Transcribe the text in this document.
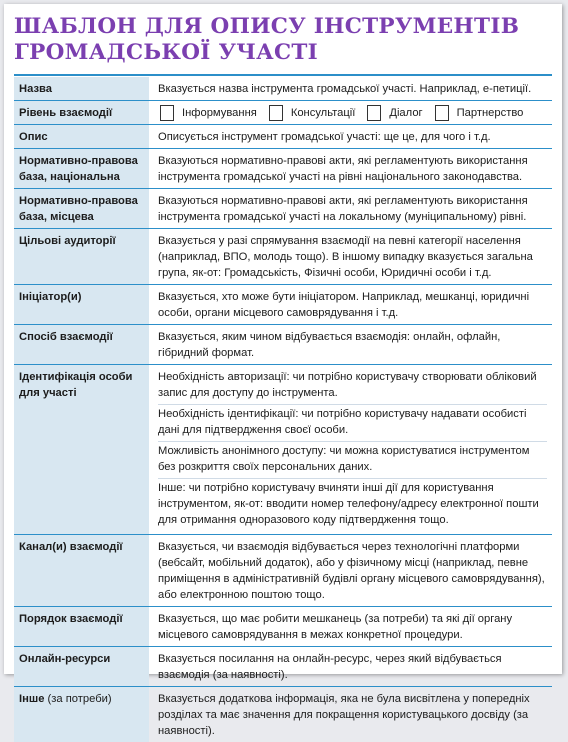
ШАБЛОН ДЛЯ ОПИСУ ІНСТРУМЕНТІВ ГРОМАДСЬКОЇ УЧАСТІ
Назва	Вказується назва інструмента громадської участі. Наприклад, е-петиції.
Рівень взаємодії	Інформування Консультації Діалог Партнерство

Опис	Описується інструмент громадської участі: ще це, для чого і т.д.
Нормативно-правова база, національна	Вказуються нормативно-правові акти, які регламентують використання інструмента громадської участі на рівні національного законодавства.
Нормативно-правова база, місцева	Вказуються нормативно-правові акти, які регламентують використання інструмента громадської участі на локальному (муніципальному) рівні.
Цільові аудиторії	Вказується у разі спрямування взаємодії на певні категорії населення (наприклад, ВПО, молодь тощо). В іншому випадку вказується загальна група, як-от: Громадськість, Фізичні особи, Юридичні особи і т.д.
Ініціатор(и)	Вказується, хто може бути ініціатором. Наприклад, мешканці, юридичні особи, органи місцевого самоврядування і т.д.
Спосіб взаємодії	Вказується, яким чином відбувається взаємодія: онлайн, офлайн, гібридний формат.
Ідентифікація особи для участі	Необхідність авторизації: чи потрібно користувачу створювати обліковий запис для доступу до інструмента.
Необхідність ідентифікації: чи потрібно користувачу надавати особисті дані для підтвердження своєї особи.
Можливість анонімного доступу: чи можна користуватися інструментом без розкриття своїх персональних даних.
Інше: чи потрібно користувачу вчиняти інші дії для користування інструментом, як-от: вводити номер телефону/адресу електронної пошти для отримання одноразового коду підтвердження тощо.

Канал(и) взаємодії	Вказується, чи взаємодія відбувається через технологічні платформи (вебсайт, мобільний додаток), або у фізичному місці (наприклад, певне приміщення в адміністративній будівлі органу місцевого самоврядування), або електронною поштою тощо.
Порядок взаємодії	Вказується, що має робити мешканець (за потреби) та які дії органу місцевого самоврядування в межах конкретної процедури.
Онлайн-ресурси	Вказується посилання на онлайн-ресурс, через який відбувається взаємодія (за наявності).
Інше (за потреби)	Вказується додаткова інформація, яка не була висвітлена у попередніх розділах та має значення для покращення користувацького досвіду (за наявності).
